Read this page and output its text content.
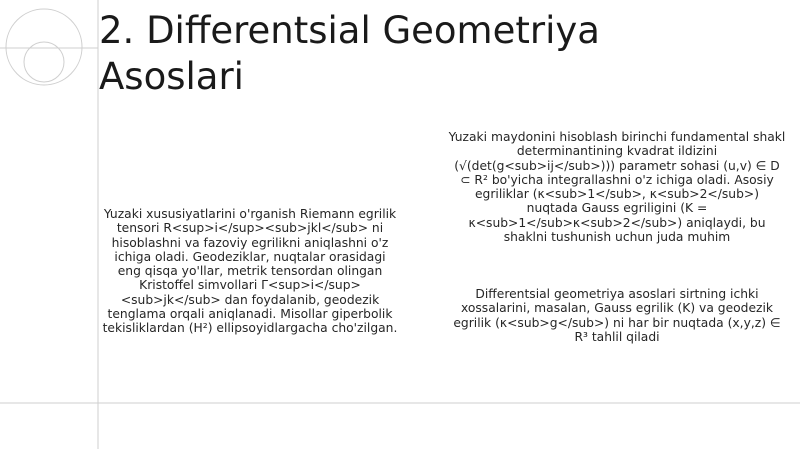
2. Differentsial Geometriya
Asoslari

Yuzaki xususiyatlarini o'rganish Riemann egrilik tensori R<sup>i</sup><sub>jkl</sub> ni hisoblashni va fazoviy egrilikni aniqlashni o'z ichiga oladi. Geodeziklar, nuqtalar orasidagi eng qisqa yo'llar, metrik tensordan olingan Kristoffel simvollari Γ<sup>i</sup><sub>jk</sub> dan foydalanib, geodezik tenglama orqali aniqlanadi. Misollar giperbolik tekisliklardan (H²) ellipsoyidlargacha cho'zilgan.

Yuzaki maydonini hisoblash birinchi fundamental shakl determinantining kvadrat ildizini (√(det(g<sub>ij</sub>))) parametr sohasi (u,v) ∈ D ⊂ R² bo'yicha integrallashni o'z ichiga oladi. Asosiy egriliklar (κ<sub>1</sub>, κ<sub>2</sub>) nuqtada Gauss egriligini (K = κ<sub>1</sub>κ<sub>2</sub>) aniqlaydi, bu shaklni tushunish uchun juda muhim

Differentsial geometriya asoslari sirtning ichki xossalarini, masalan, Gauss egrilik (K) va geodezik egrilik (κ<sub>g</sub>) ni har bir nuqtada (x,y,z) ∈ R³ tahlil qiladi
